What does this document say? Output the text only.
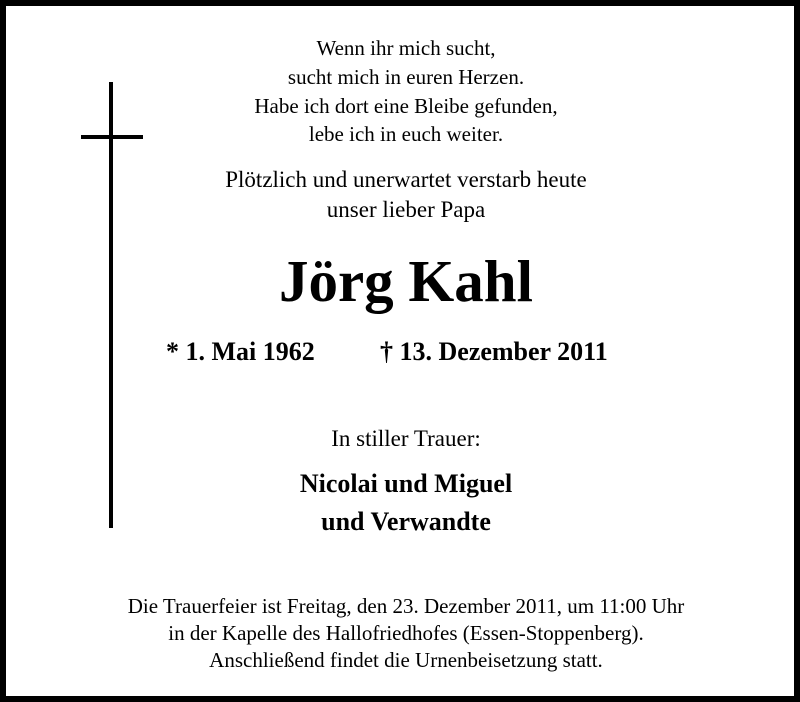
Wenn ihr mich sucht,

sucht mich in euren Herzen.

Habe ich dort eine Bleibe gefunden,

lebe ich in euch weiter.

Plötzlich und unerwartet verstarb heute

unser lieber Papa

Jörg Kahl

* 1. Mai 1962	† 13. Dezember 2011

In stiller Trauer:

Nicolai und Miguel

und Verwandte

Die Trauerfeier ist Freitag, den 23. Dezember 2011, um 11:00 Uhr

in der Kapelle des Hallofriedhofes (Essen-Stoppenberg).

Anschließend findet die Urnenbeisetzung statt.
